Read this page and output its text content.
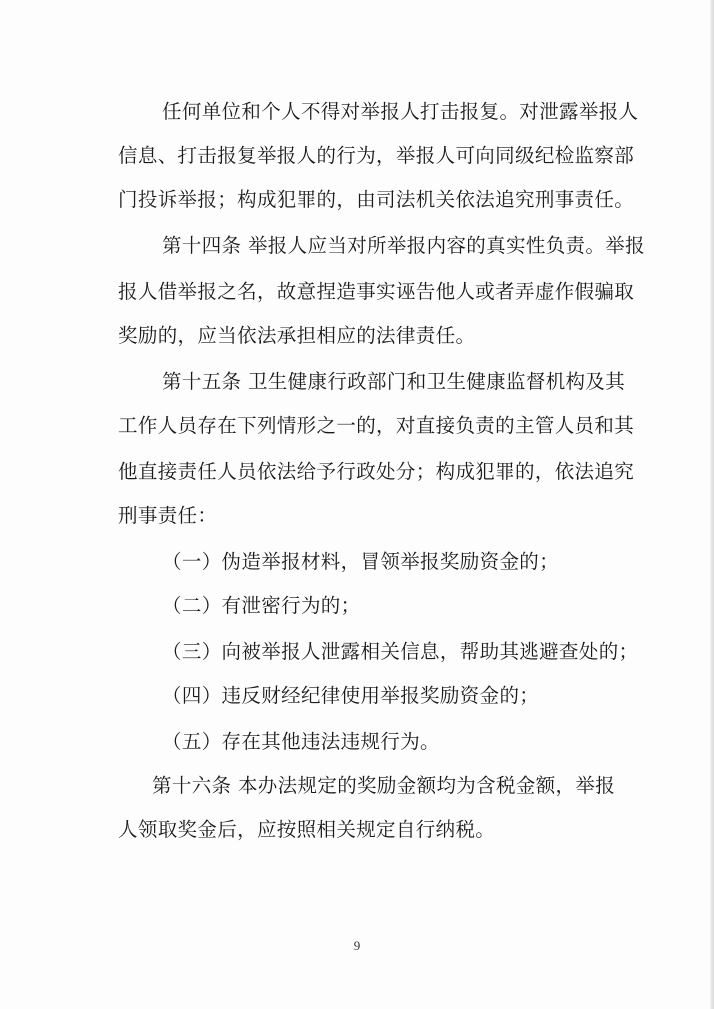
任何单位和个人不得对举报人打击报复。对泄露举报人
信息、打击报复举报人的行为，举报人可向同级纪检监察部
门投诉举报；构成犯罪的，由司法机关依法追究刑事责任。
第十四条 举报人应当对所举报内容的真实性负责。举报
报人借举报之名，故意捏造事实诬告他人或者弄虚作假骗取
奖励的，应当依法承担相应的法律责任。
第十五条 卫生健康行政部门和卫生健康监督机构及其
工作人员存在下列情形之一的，对直接负责的主管人员和其
他直接责任人员依法给予行政处分；构成犯罪的，依法追究
刑事责任：
（一）伪造举报材料，冒领举报奖励资金的；
（二）有泄密行为的；
（三）向被举报人泄露相关信息，帮助其逃避查处的；
（四）违反财经纪律使用举报奖励资金的；
（五）存在其他违法违规行为。
第十六条 本办法规定的奖励金额均为含税金额，举报
人领取奖金后，应按照相关规定自行纳税。
9
